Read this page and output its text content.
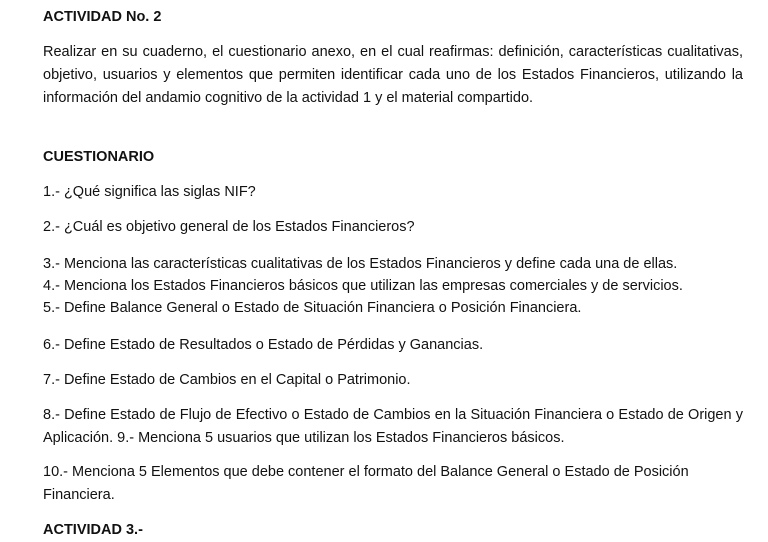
ACTIVIDAD No. 2

Realizar en su cuaderno, el cuestionario anexo, en el cual reafirmas: definición, características cualitativas, objetivo, usuarios y elementos que permiten identificar cada uno de los Estados Financieros, utilizando la información del andamio cognitivo de la actividad 1 y el material compartido.

CUESTIONARIO

1.- ¿Qué significa las siglas NIF?

2.- ¿Cuál es objetivo general de los Estados Financieros?

3.- Menciona las características cualitativas de los Estados Financieros y define cada una de ellas.

4.- Menciona los Estados Financieros básicos que utilizan las empresas comerciales y de servicios.

5.- Define Balance General o Estado de Situación Financiera o Posición Financiera.

6.- Define Estado de Resultados o Estado de Pérdidas y Ganancias.

7.- Define Estado de Cambios en el Capital o Patrimonio.

8.- Define Estado de Flujo de Efectivo o Estado de Cambios en la Situación Financiera o Estado de Origen y Aplicación. 9.- Menciona 5 usuarios que utilizan los Estados Financieros básicos.

10.- Menciona 5 Elementos que debe contener el formato del Balance General o Estado de Posición Financiera.

ACTIVIDAD 3.-
